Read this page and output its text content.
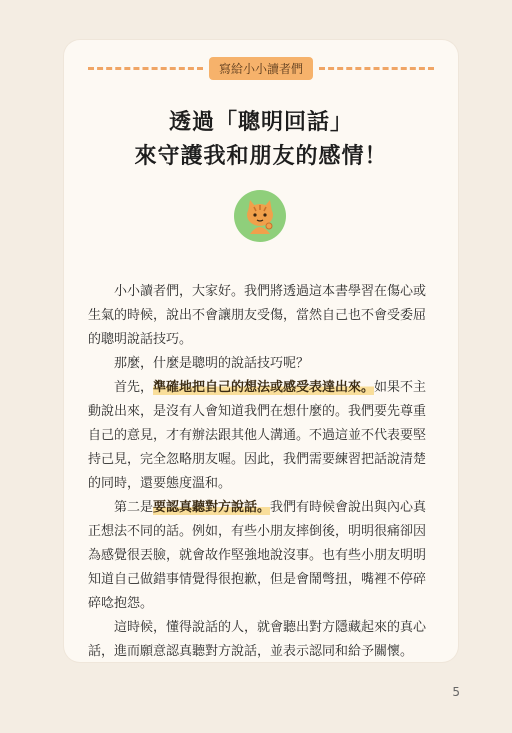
寫給小小讀者們
透過「聰明回話」
來守護我和朋友的感情！

小小讀者們，大家好。我們將透過這本書學習在傷心或生氣的時候，說出不會讓朋友受傷，當然自己也不會受委屈的聰明說話技巧。

那麼，什麼是聰明的說話技巧呢？

首先，準確地把自己的想法或感受表達出來。如果不主動說出來，是沒有人會知道我們在想什麼的。我們要先尊重自己的意見，才有辦法跟其他人溝通。不過這並不代表要堅持己見，完全忽略朋友喔。因此，我們需要練習把話說清楚的同時，還要態度溫和。

第二是要認真聽對方說話。我們有時候會說出與內心真正想法不同的話。例如，有些小朋友摔倒後，明明很痛卻因為感覺很丟臉，就會故作堅強地說沒事。也有些小朋友明明知道自己做錯事情覺得很抱歉，但是會鬧彆扭，嘴裡不停碎碎唸抱怨。

這時候，懂得說話的人，就會聽出對方隱藏起來的真心話，進而願意認真聽對方說話，並表示認同和給予關懷。

5
